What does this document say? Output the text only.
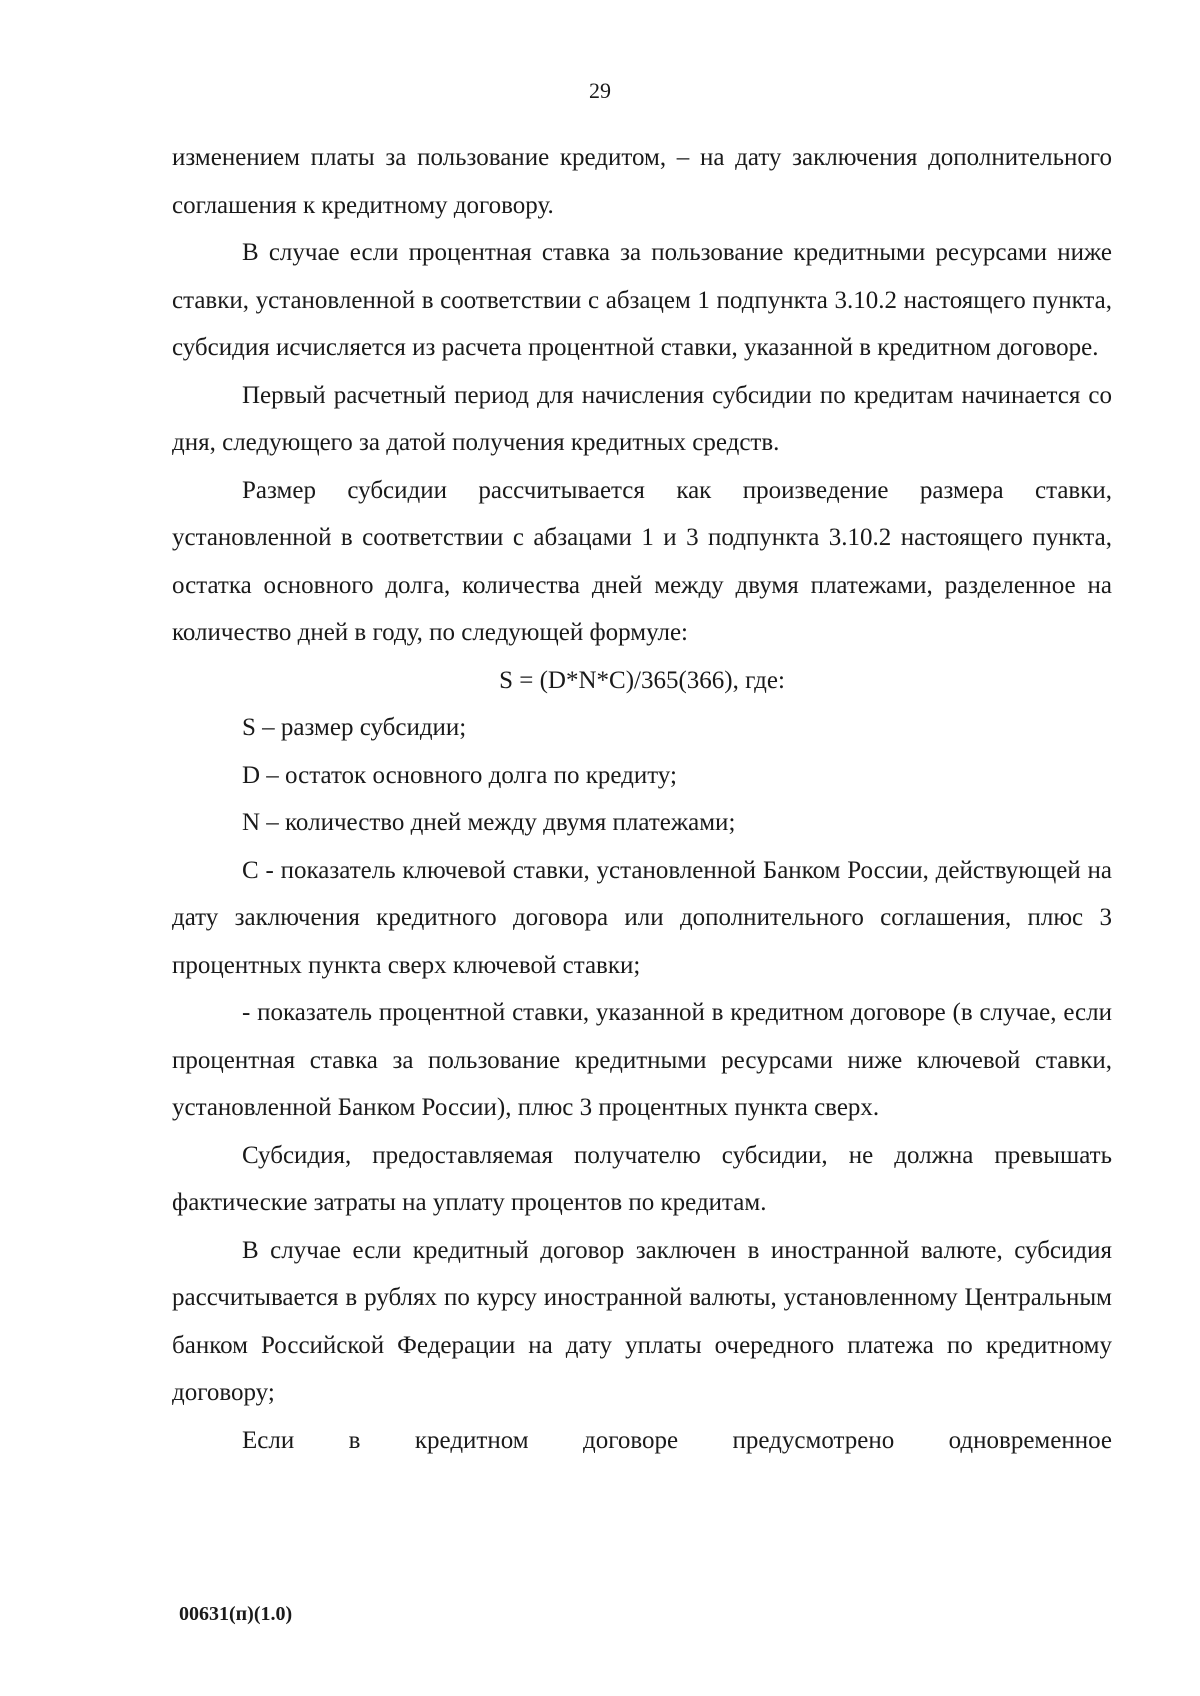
29

изменением платы за пользование кредитом, – на дату заключения дополнительного соглашения к кредитному договору.

В случае если процентная ставка за пользование кредитными ресурсами ниже ставки, установленной в соответствии с абзацем 1 подпункта 3.10.2 настоящего пункта, субсидия исчисляется из расчета процентной ставки, указанной в кредитном договоре.

Первый расчетный период для начисления субсидии по кредитам начинается со дня, следующего за датой получения кредитных средств.

Размер субсидии рассчитывается как произведение размера ставки, установленной в соответствии с абзацами 1 и 3 подпункта 3.10.2 настоящего пункта, остатка основного долга, количества дней между двумя платежами, разделенное на количество дней в году, по следующей формуле:

S = (D*N*C)/365(366), где:

S – размер субсидии;

D – остаток основного долга по кредиту;

N – количество дней между двумя платежами;

С - показатель ключевой ставки, установленной Банком России, действующей на дату заключения кредитного договора или дополнительного соглашения, плюс 3 процентных пункта сверх ключевой ставки;

- показатель процентной ставки, указанной в кредитном договоре (в случае, если процентная ставка за пользование кредитными ресурсами ниже ключевой ставки, установленной Банком России), плюс 3 процентных пункта сверх.

Субсидия, предоставляемая получателю субсидии, не должна превышать фактические затраты на уплату процентов по кредитам.

В случае если кредитный договор заключен в иностранной валюте, субсидия рассчитывается в рублях по курсу иностранной валюты, установленному Центральным банком Российской Федерации на дату уплаты очередного платежа по кредитному договору;

Если в кредитном договоре предусмотрено одновременное

00631(п)(1.0)
